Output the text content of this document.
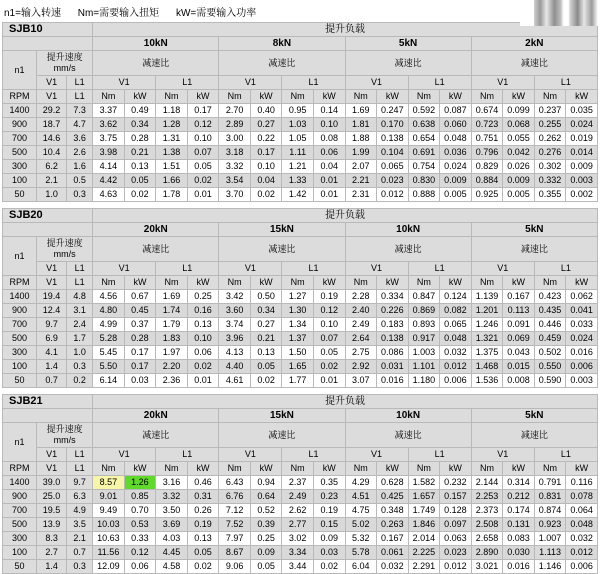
n1=输入转速 Nm=需要输入扭矩 kW=需要输入功率
SJB10			提升负载															
			10kN				8kN				5kN				2kN			
n1	提升速度
mm/s		减速比				减速比				减速比				减速比			
	V1	L1	V1		L1		V1		L1		V1		L1		V1		L1	
RPM	V1	L1	Nm	kW	Nm	kW	Nm	kW	Nm	kW	Nm	kW	Nm	kW	Nm	kW	Nm	kW
1400	29.2	7.3	3.37	0.49	1.18	0.17	2.70	0.40	0.95	0.14	1.69	0.247	0.592	0.087	0.674	0.099	0.237	0.035
900	18.7	4.7	3.62	0.34	1.28	0.12	2.89	0.27	1.03	0.10	1.81	0.170	0.638	0.060	0.723	0.068	0.255	0.024
700	14.6	3.6	3.75	0.28	1.31	0.10	3.00	0.22	1.05	0.08	1.88	0.138	0.654	0.048	0.751	0.055	0.262	0.019
500	10.4	2.6	3.98	0.21	1.38	0.07	3.18	0.17	1.11	0.06	1.99	0.104	0.691	0.036	0.796	0.042	0.276	0.014
300	6.2	1.6	4.14	0.13	1.51	0.05	3.32	0.10	1.21	0.04	2.07	0.065	0.754	0.024	0.829	0.026	0.302	0.009
100	2.1	0.5	4.42	0.05	1.66	0.02	3.54	0.04	1.33	0.01	2.21	0.023	0.830	0.009	0.884	0.009	0.332	0.003
50	1.0	0.3	4.63	0.02	1.78	0.01	3.70	0.02	1.42	0.01	2.31	0.012	0.888	0.005	0.925	0.005	0.355	0.002
SJB20			提升负载															
			20kN				15kN				10kN				5kN			
n1	提升速度
mm/s		减速比				减速比				减速比				减速比			
	V1	L1	V1		L1		V1		L1		V1		L1		V1		L1	
RPM	V1	L1	Nm	kW	Nm	kW	Nm	kW	Nm	kW	Nm	kW	Nm	kW	Nm	kW	Nm	kW
1400	19.4	4.8	4.56	0.67	1.69	0.25	3.42	0.50	1.27	0.19	2.28	0.334	0.847	0.124	1.139	0.167	0.423	0.062
900	12.4	3.1	4.80	0.45	1.74	0.16	3.60	0.34	1.30	0.12	2.40	0.226	0.869	0.082	1.201	0.113	0.435	0.041
700	9.7	2.4	4.99	0.37	1.79	0.13	3.74	0.27	1.34	0.10	2.49	0.183	0.893	0.065	1.246	0.091	0.446	0.033
500	6.9	1.7	5.28	0.28	1.83	0.10	3.96	0.21	1.37	0.07	2.64	0.138	0.917	0.048	1.321	0.069	0.459	0.024
300	4.1	1.0	5.45	0.17	1.97	0.06	4.13	0.13	1.50	0.05	2.75	0.086	1.003	0.032	1.375	0.043	0.502	0.016
100	1.4	0.3	5.50	0.17	2.20	0.02	4.40	0.05	1.65	0.02	2.92	0.031	1.101	0.012	1.468	0.015	0.550	0.006
50	0.7	0.2	6.14	0.03	2.36	0.01	4.61	0.02	1.77	0.01	3.07	0.016	1.180	0.006	1.536	0.008	0.590	0.003
SJB21			提升负载															
			20kN				15kN				10kN				5kN			
n1	提升速度
mm/s		减速比				减速比				减速比				减速比			
	V1	L1	V1		L1		V1		L1		V1		L1		V1		L1	
RPM	V1	L1	Nm	kW	Nm	kW	Nm	kW	Nm	kW	Nm	kW	Nm	kW	Nm	kW	Nm	kW
1400	39.0	9.7	8.57	1.26	3.16	0.46	6.43	0.94	2.37	0.35	4.29	0.628	1.582	0.232	2.144	0.314	0.791	0.116
900	25.0	6.3	9.01	0.85	3.32	0.31	6.76	0.64	2.49	0.23	4.51	0.425	1.657	0.157	2.253	0.212	0.831	0.078
700	19.5	4.9	9.49	0.70	3.50	0.26	7.12	0.52	2.62	0.19	4.75	0.348	1.749	0.128	2.373	0.174	0.874	0.064
500	13.9	3.5	10.03	0.53	3.69	0.19	7.52	0.39	2.77	0.15	5.02	0.263	1.846	0.097	2.508	0.131	0.923	0.048
300	8.3	2.1	10.63	0.33	4.03	0.13	7.97	0.25	3.02	0.09	5.32	0.167	2.014	0.063	2.658	0.083	1.007	0.032
100	2.7	0.7	11.56	0.12	4.45	0.05	8.67	0.09	3.34	0.03	5.78	0.061	2.225	0.023	2.890	0.030	1.113	0.012
50	1.4	0.3	12.09	0.06	4.58	0.02	9.06	0.05	3.44	0.02	6.04	0.032	2.291	0.012	3.021	0.016	1.146	0.006
